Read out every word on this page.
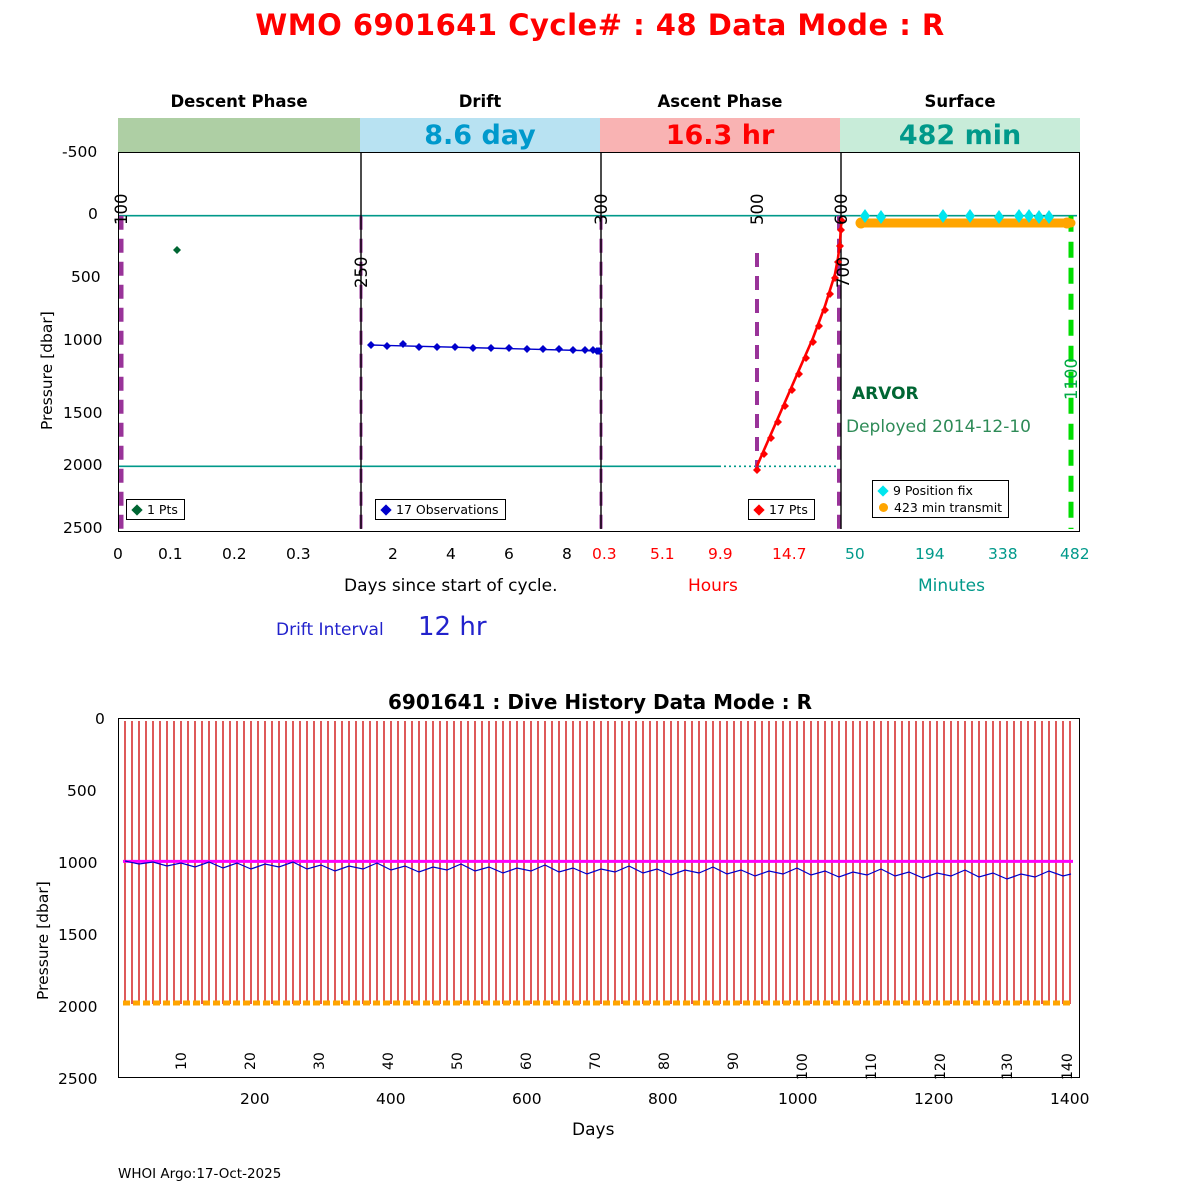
WMO 6901641 Cycle# : 48 Data Mode : R
Descent Phase	Drift	Ascent Phase	Surface
8.6 day	16.3 hr	482 min
-500
0
500
1000
1500
2000
2500
Pressure [dbar]
100
250
300	500	600
700
1100
ARVOR
Deployed 2014-12-10
1 Pts	17 Observations	17 Pts
9 Position fix
423 min transmit
0 0.1	0.2	0.3	2	4	6	8 0.3 5.1 9.9	14.7 50	194	338	482
Days since start of cycle.	Hours	Minutes
Drift Interval 12 hr
6901641 : Dive History Data Mode : R
0
500
1000
1500
2000
2500
Pressure [dbar]
10	20	30	40	50	60	70	80	90	100	110	120	130	140
200	400	600	800	1000	1200	1400
Days
WHOI Argo:17-Oct-2025
